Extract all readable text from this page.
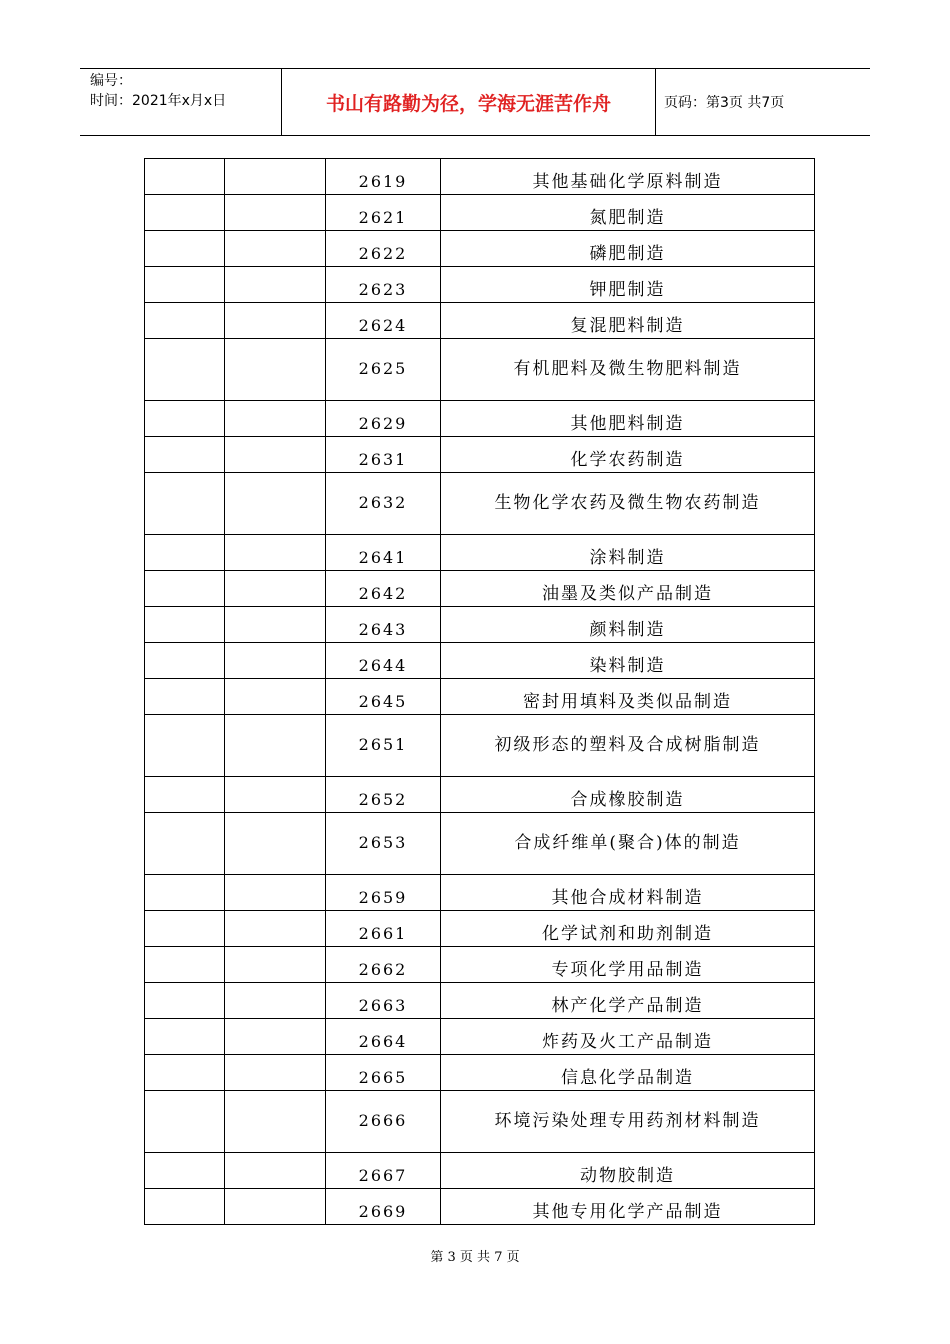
编号：
时间：2021年x月x日	书山有路勤为径，学海无涯苦作舟	页码：第3页 共7页
		2619	其他基础化学原料制造
		2621	氮肥制造
		2622	磷肥制造
		2623	钾肥制造
		2624	复混肥料制造
		2625	有机肥料及微生物肥料制造
		2629	其他肥料制造
		2631	化学农药制造
		2632	生物化学农药及微生物农药制造
		2641	涂料制造
		2642	油墨及类似产品制造
		2643	颜料制造
		2644	染料制造
		2645	密封用填料及类似品制造
		2651	初级形态的塑料及合成树脂制造
		2652	合成橡胶制造
		2653	合成纤维单(聚合)体的制造
		2659	其他合成材料制造
		2661	化学试剂和助剂制造
		2662	专项化学用品制造
		2663	林产化学产品制造
		2664	炸药及火工产品制造
		2665	信息化学品制造
		2666	环境污染处理专用药剂材料制造
		2667	动物胶制造
		2669	其他专用化学产品制造
第 3 页 共 7 页
